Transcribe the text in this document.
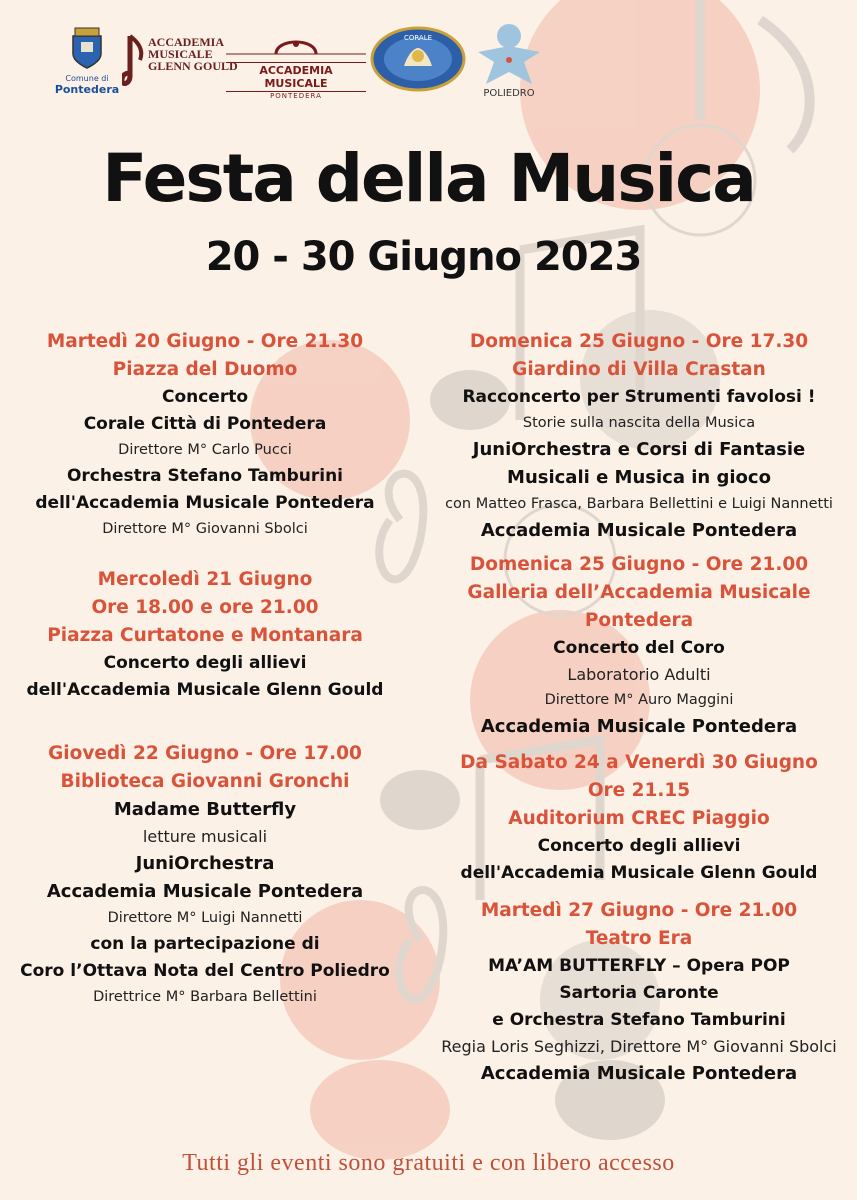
Comune di
Pontedera
ACCADEMIA
MUSICALE
GLENN GOULD	ACCADEMIA MUSICALE
PONTEDERA
CORALE
POLIEDRO
Festa della Musica
20 - 30 Giugno 2023
Martedì 20 Giugno - Ore 21.30
Piazza del Duomo
Concerto
Corale Città di Pontedera
Direttore M° Carlo Pucci
Orchestra Stefano Tamburini
dell'Accademia Musicale Pontedera
Direttore M° Giovanni Sbolci
Mercoledì 21 Giugno
Ore 18.00 e ore 21.00
Piazza Curtatone e Montanara
Concerto degli allievi
dell'Accademia Musicale Glenn Gould
Giovedì 22 Giugno - Ore 17.00
Biblioteca Giovanni Gronchi
Madame Butterfly
letture musicali
JuniOrchestra
Accademia Musicale Pontedera
Direttore M° Luigi Nannetti
con la partecipazione di
Coro l’Ottava Nota del Centro Poliedro
Direttrice M° Barbara Bellettini
Domenica 25 Giugno - Ore 17.30
Giardino di Villa Crastan
Racconcerto per Strumenti favolosi !
Storie sulla nascita della Musica
JuniOrchestra e Corsi di Fantasie
Musicali e Musica in gioco
con Matteo Frasca, Barbara Bellettini e Luigi Nannetti
Accademia Musicale Pontedera
Domenica 25 Giugno - Ore 21.00
Galleria dell’Accademia Musicale
Pontedera
Concerto del Coro
Laboratorio Adulti
Direttore M° Auro Maggini
Accademia Musicale Pontedera
Da Sabato 24 a Venerdì 30 Giugno
Ore 21.15
Auditorium CREC Piaggio
Concerto degli allievi
dell'Accademia Musicale Glenn Gould
Martedì 27 Giugno - Ore 21.00
Teatro Era
MA’AM BUTTERFLY – Opera POP
Sartoria Caronte
e Orchestra Stefano Tamburini
Regia Loris Seghizzi, Direttore M° Giovanni Sbolci
Accademia Musicale Pontedera
Tutti gli eventi sono gratuiti e con libero accesso
